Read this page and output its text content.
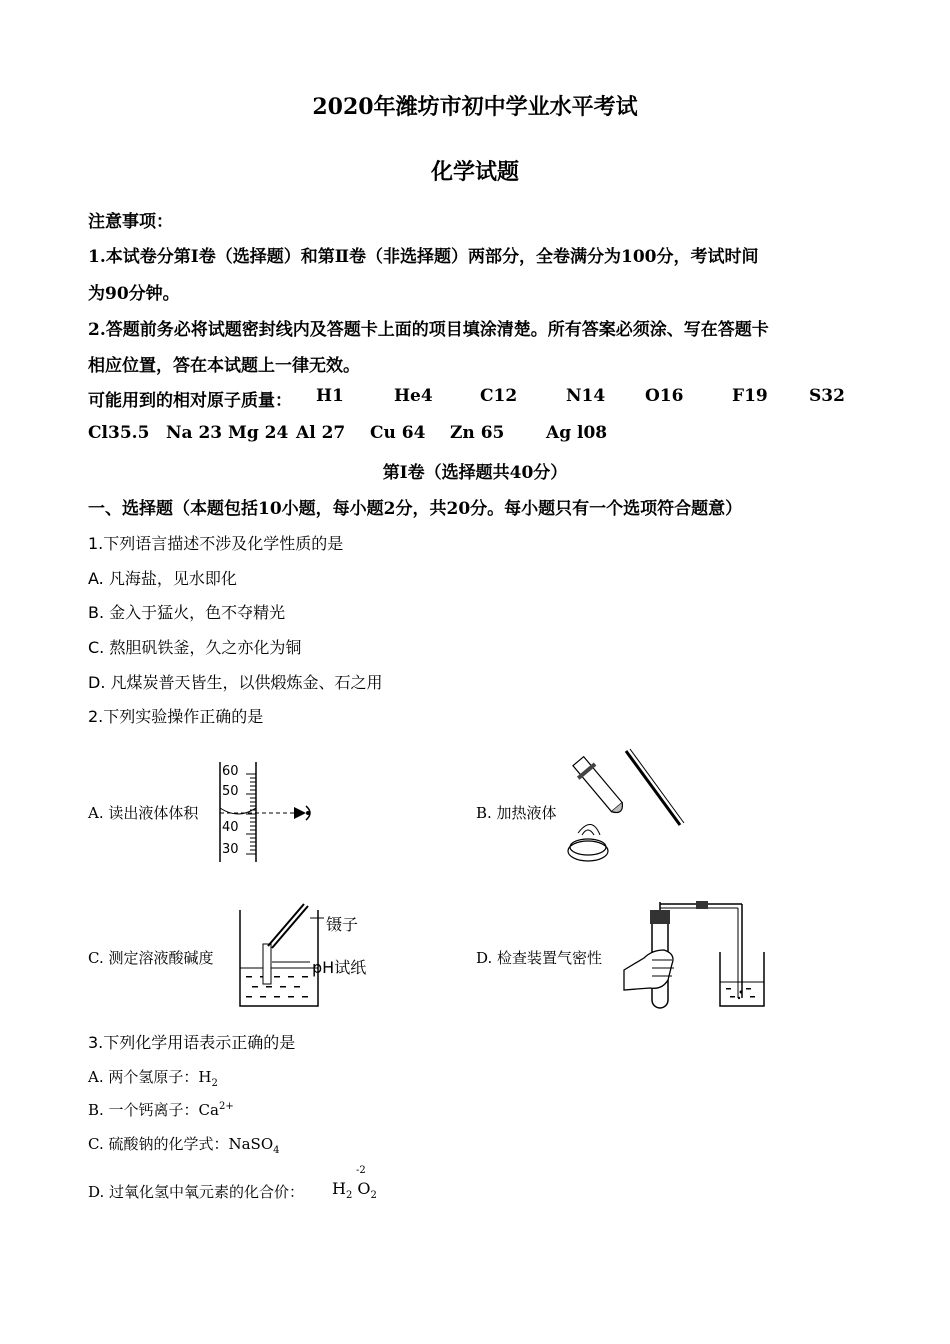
2020年潍坊市初中学业水平考试
化学试题
注意事项：
1.本试卷分第Ⅰ卷（选择题）和第Ⅱ卷（非选择题）两部分，全卷满分为100分，考试时间
为90分钟。
2.答题前务必将试题密封线内及答题卡上面的项目填涂清楚。所有答案必须涂、写在答题卡
相应位置，答在本试题上一律无效。
可能用到的相对原子质量： H1	He4	C12	N14 O16	F19 S32
Cl35.5 Na 23 Mg 24 Al 27 Cu 64 Zn 65 Ag l08
第Ⅰ卷（选择题共40分）
一、选择题（本题包括10小题，每小题2分，共20分。每小题只有一个选项符合题意）
1.下列语言描述不涉及化学性质的是
A. 凡海盐，见水即化
B. 金入于猛火，色不夺精光
C. 熬胆矾铁釜，久之亦化为铜
D. 凡煤炭普天皆生，以供煅炼金、石之用
2.下列实验操作正确的是
A. 读出液体体积	B. 加热液体
C. 测定溶液酸碱度	D. 检查装置气密性
60
50
40
30
镊子
pH试纸
3.下列化学用语表示正确的是
A. 两个氢原子：$H_2$
B. 一个钙离子：$Ca^{2+}$
C. 硫酸钠的化学式：NaSO$_4$
D. 过氧化氢中氧元素的化合价： $H_2$ $O_2$
-2
